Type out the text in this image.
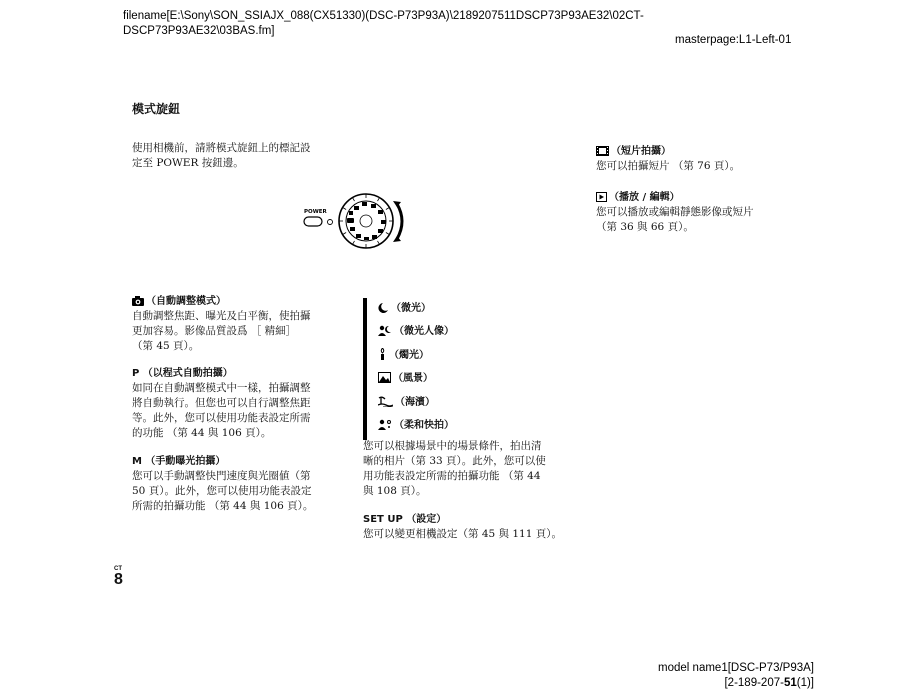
filename[E:\Sony\SON_SSIAJX_088(CX51330)(DSC-P73P93A)\2189207511DSCP73P93AE32\02CT-
DSCP73P93AE32\03BAS.fm]
masterpage:L1-Left-01
模式旋鈕
使用相機前，請將模式旋鈕上的標記設
定至 POWER 按鈕邊。
POWER
（自動調整模式）
自動調整焦距、曝光及白平衡，使拍攝
更加容易。影像品質設爲 ［ 精細］
（第 45 頁）。
P （以程式自動拍攝）
如同在自動調整模式中一樣，拍攝調整
將自動執行。但您也可以自行調整焦距
等。此外，您可以使用功能表設定所需
的功能 （第 44 與 106 頁）。
M （手動曝光拍攝）
您可以手動調整快門速度與光圈値（第
50 頁）。此外，您可以使用功能表設定
所需的拍攝功能 （第 44 與 106 頁）。
（微光）
（微光人像）
（燭光）
（風景）
（海濱）
（柔和快拍）
您可以根據場景中的場景條件，拍出清
晰的相片（第 33 頁）。此外，您可以使
用功能表設定所需的拍攝功能 （第 44
與 108 頁）。
SET UP （設定）
您可以變更相機設定（第 45 與 111 頁）。
（短片拍攝）
您可以拍攝短片 （第 76 頁）。
（播放 / 編輯）
您可以播放或編輯靜態影像或短片
（第 36 與 66 頁）。
CT
8
model name1[DSC-P73/P93A]
[2-189-207-51(1)]
